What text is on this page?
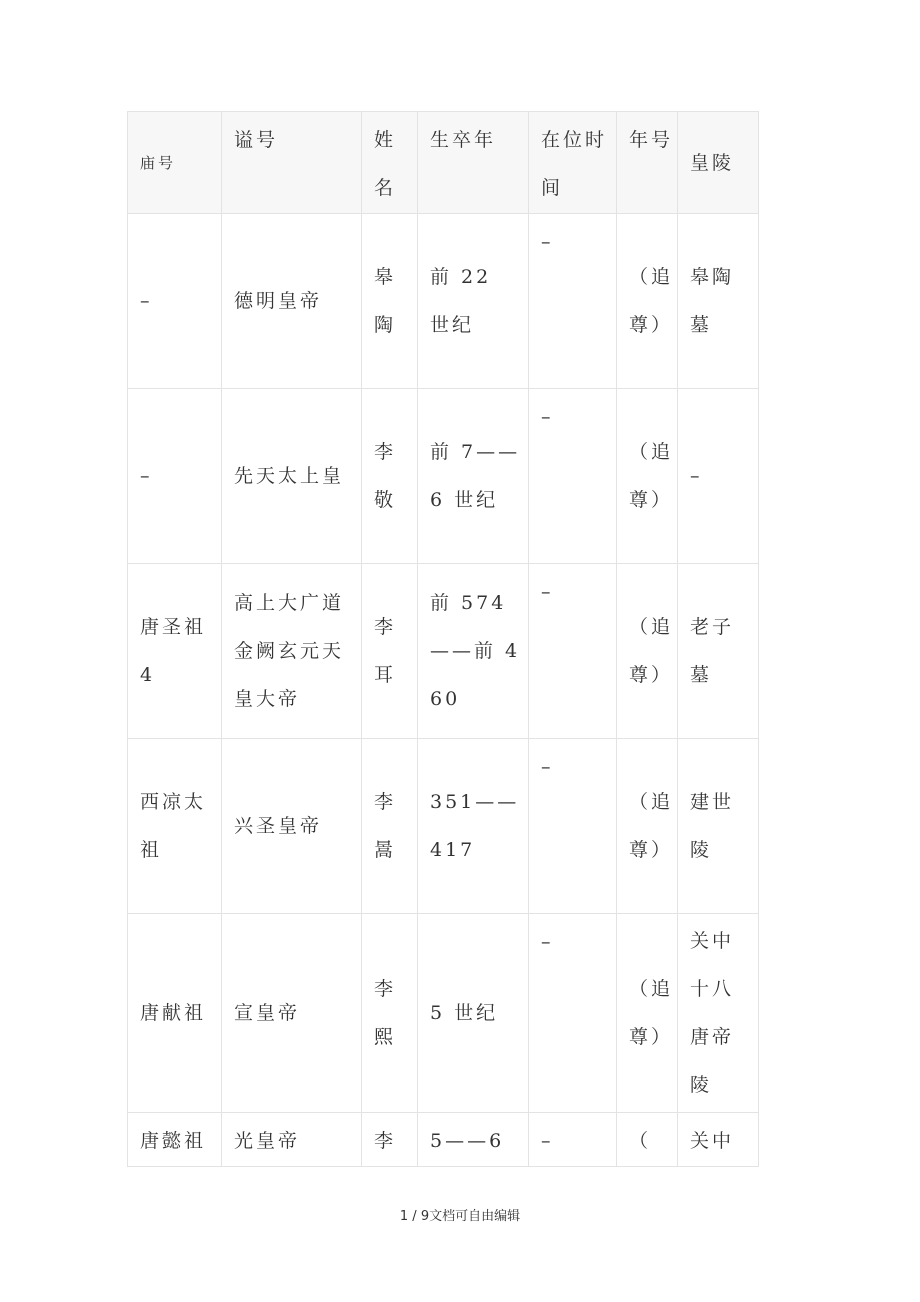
庙号	谥号	姓名	生卒年	在位时间	年号	皇陵
–	德明皇帝	皋陶	前 22 世纪	–	（追尊）	皋陶墓
–	先天太上皇	李敬	前 7——6 世纪	–	（追尊）	–
唐圣祖 4	高上大广道金阙玄元天皇大帝	李耳	前 574——前 460	–	（追尊）	老子墓
西凉太祖	兴圣皇帝	李暠	351——417	–	（追尊）	建世陵
唐献祖	宣皇帝	李熙	5 世纪	–	（追尊）	关中十八唐帝陵
唐懿祖	光皇帝	李	5——6	–	（	关中
1 / 9文档可自由编辑
